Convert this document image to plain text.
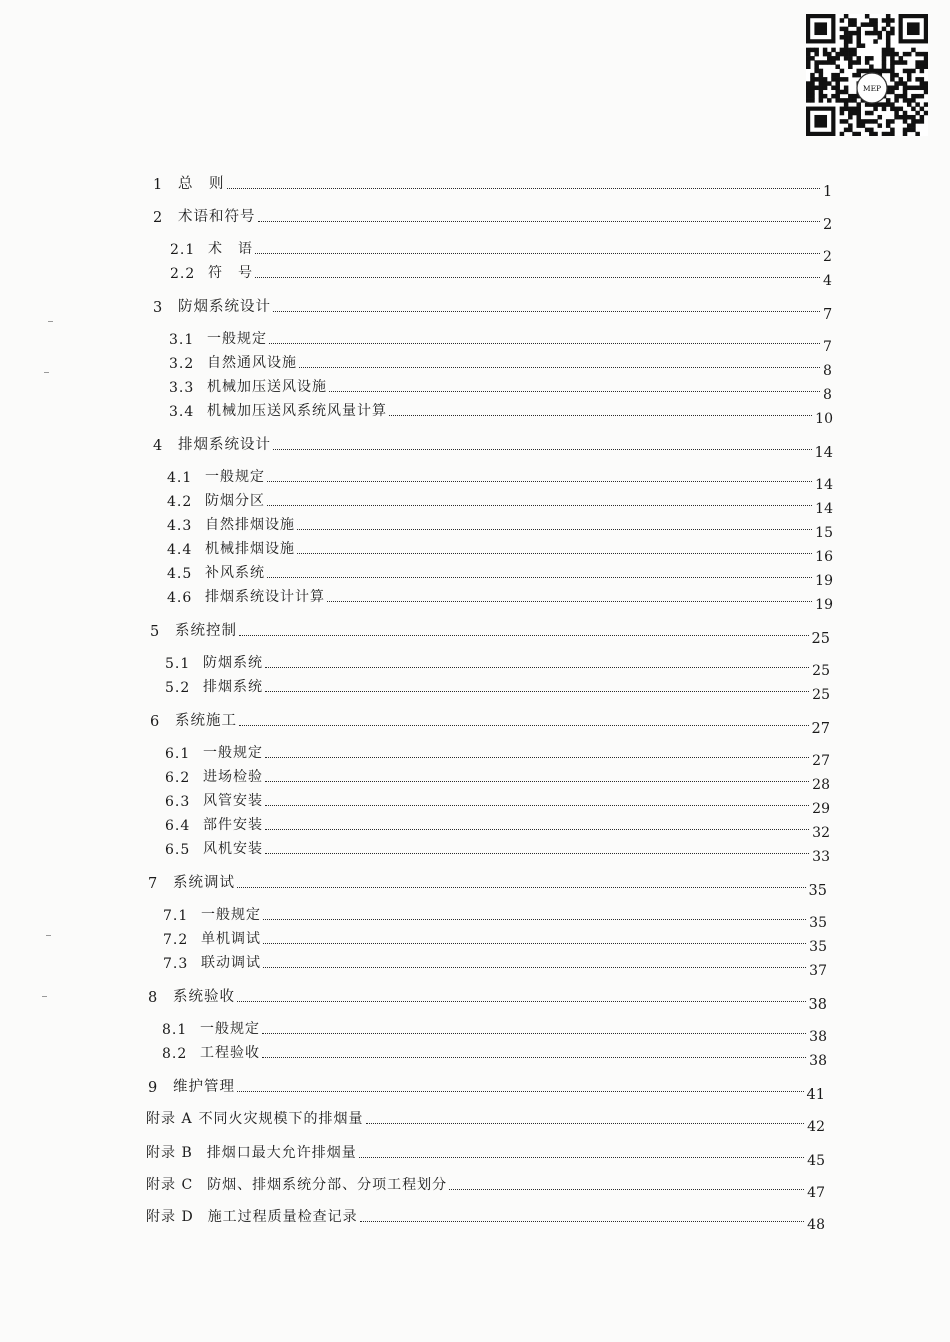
MEP
1	总　则	1
2	术语和符号	2
2.1 术　语	2
2.2 符　号	4
3	防烟系统设计	7
3.1 一般规定	7
3.2 自然通风设施	8
3.3 机械加压送风设施	8
3.4 机械加压送风系统风量计算	10
4	排烟系统设计	14
4.1 一般规定	14
4.2 防烟分区	14
4.3 自然排烟设施	15
4.4 机械排烟设施	16
4.5 补风系统	19
4.6 排烟系统设计计算	19
5	系统控制	25
5.1 防烟系统	25
5.2 排烟系统	25
6	系统施工	27
6.1 一般规定	27
6.2 进场检验	28
6.3 风管安装	29
6.4 部件安装	32
6.5 风机安装	33
7	系统调试	35
7.1 一般规定	35
7.2 单机调试	35
7.3 联动调试	37
8	系统验收	38
8.1 一般规定	38
8.2 工程验收	38
9	维护管理	41
附录 A 不同火灾规模下的排烟量	42
附录 B 排烟口最大允许排烟量	45
附录 C 防烟、排烟系统分部、分项工程划分	47
附录 D 施工过程质量检查记录	48
